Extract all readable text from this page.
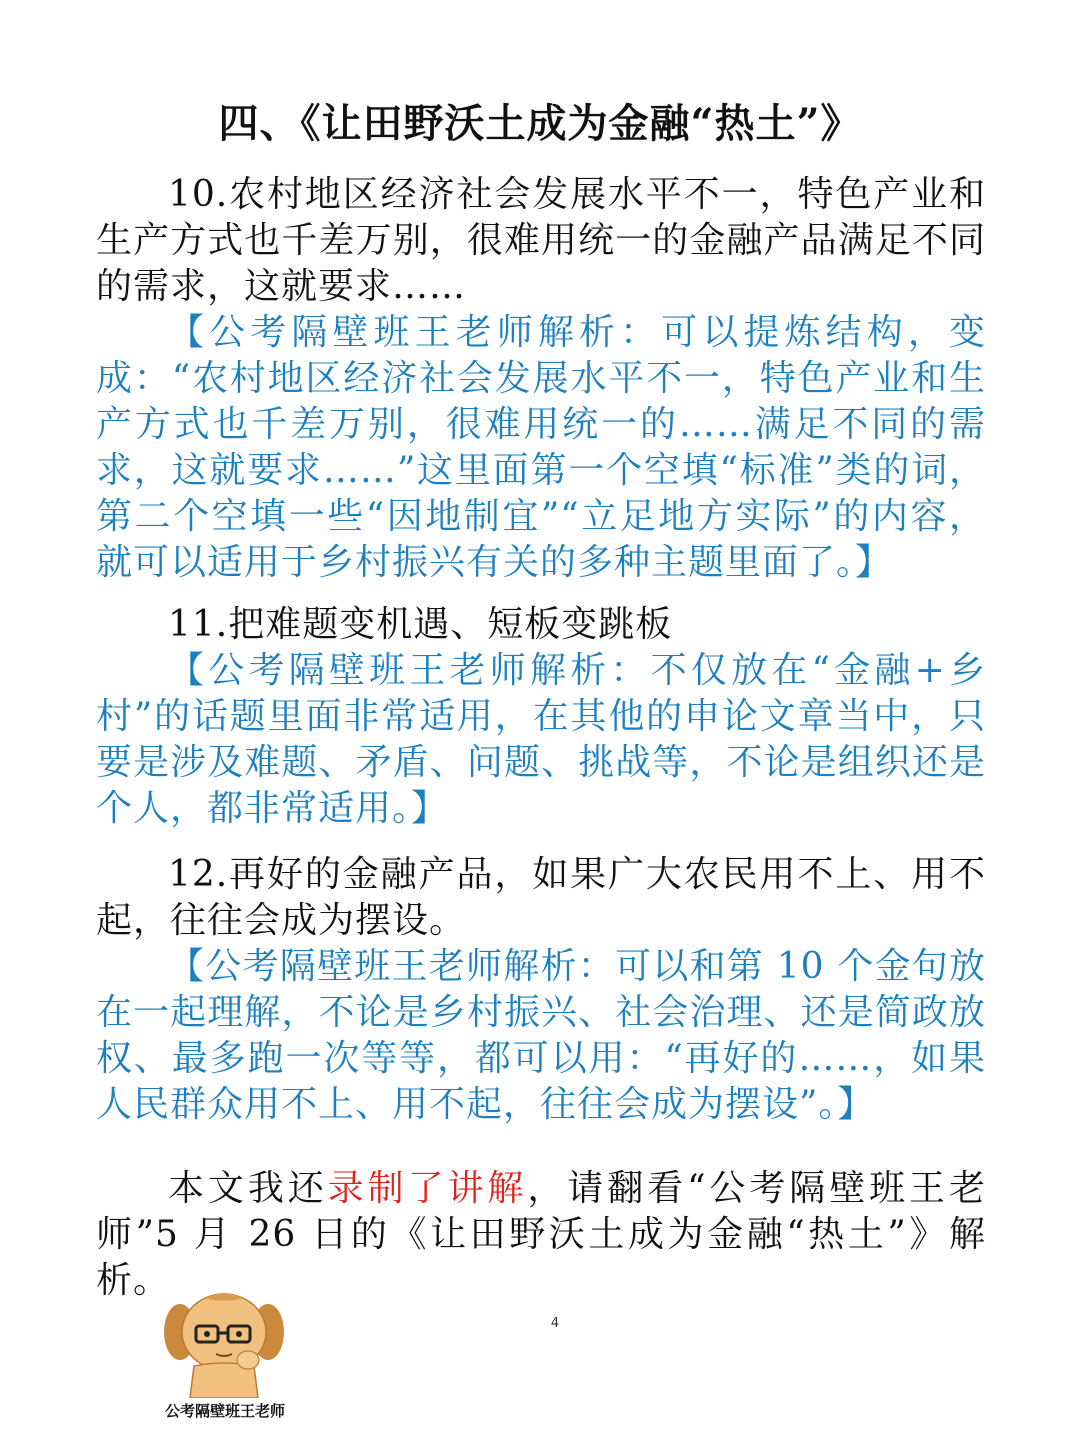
四、《让田野沃土成为金融“热土”》

10.农村地区经济社会发展水平不一，特色产业和生产方式也千差万别，很难用统一的金融产品满足不同的需求，这就要求……

【公考隔壁班王老师解析：可以提炼结构，变成：“农村地区经济社会发展水平不一，特色产业和生产方式也千差万别，很难用统一的……满足不同的需求，这就要求……”这里面第一个空填“标准”类的词，第二个空填一些“因地制宜”“立足地方实际”的内容，就可以适用于乡村振兴有关的多种主题里面了。】

11.把难题变机遇、短板变跳板

【公考隔壁班王老师解析：不仅放在“金融+乡村”的话题里面非常适用，在其他的申论文章当中，只要是涉及难题、矛盾、问题、挑战等，不论是组织还是个人，都非常适用。】

12.再好的金融产品，如果广大农民用不上、用不起，往往会成为摆设。

【公考隔壁班王老师解析：可以和第 10 个金句放在一起理解，不论是乡村振兴、社会治理、还是简政放权、最多跑一次等等，都可以用：“再好的……，如果人民群众用不上、用不起，往往会成为摆设”。】

本文我还录制了讲解，请翻看“公考隔壁班王老师”5 月 26 日的《让田野沃土成为金融“热土”》解析。

4
公考隔壁班王老师
